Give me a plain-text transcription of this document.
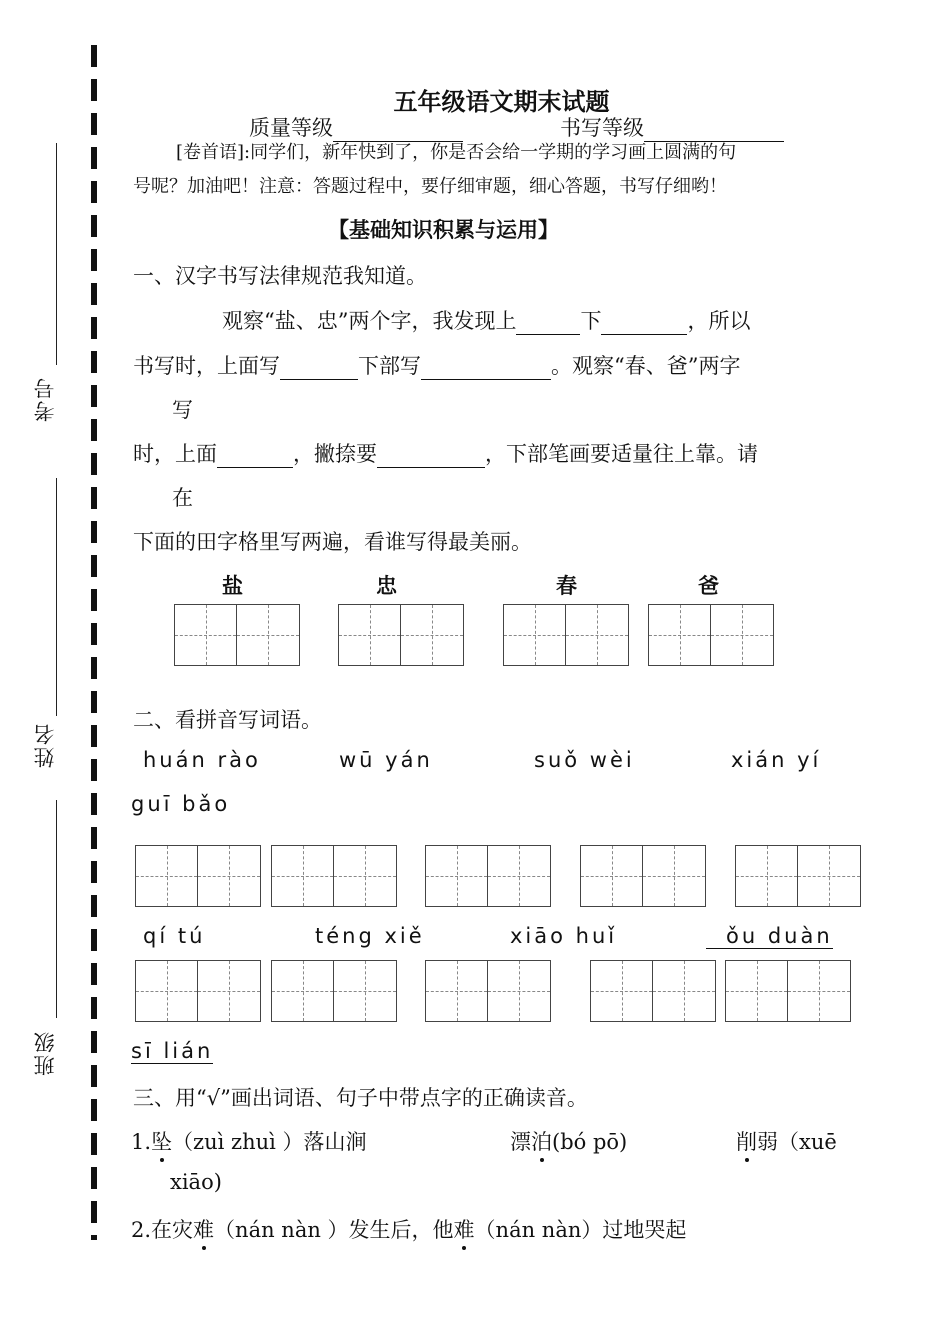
考号
姓名
班级
五年级语文期末试题
质量等级	书写等级
[卷首语]:同学们，新年快到了，你是否会给一学期的学习画上圆满的句
号呢？加油吧！注意：答题过程中，要仔细审题，细心答题，书写仔细哟！
【基础知识积累与运用】
一、汉字书写法律规范我知道。
观察“盐、忠”两个字，我发现上	下	，所以
书写时，上面写	下部写	。观察“春、爸”两字
写
时，上面	，撇捺要	，下部笔画要适量往上靠。请
在
下面的田字格里写两遍，看谁写得最美丽。
盐	忠	春	爸
二、看拼音写词语。
huán rào	wū yán	suǒ wèi	xián yí
guī bǎo
qí tú	téng xiě	xiāo huǐ	ǒu duàn
sī lián
三、用“√”画出词语、句子中带点字的正确读音。
1.坠（zuì zhuì ）落山涧	漂泊(bó pō)	削弱（xuē
xiāo)
2.在灾难（nán nàn ）发生后，他难（nán nàn）过地哭起
